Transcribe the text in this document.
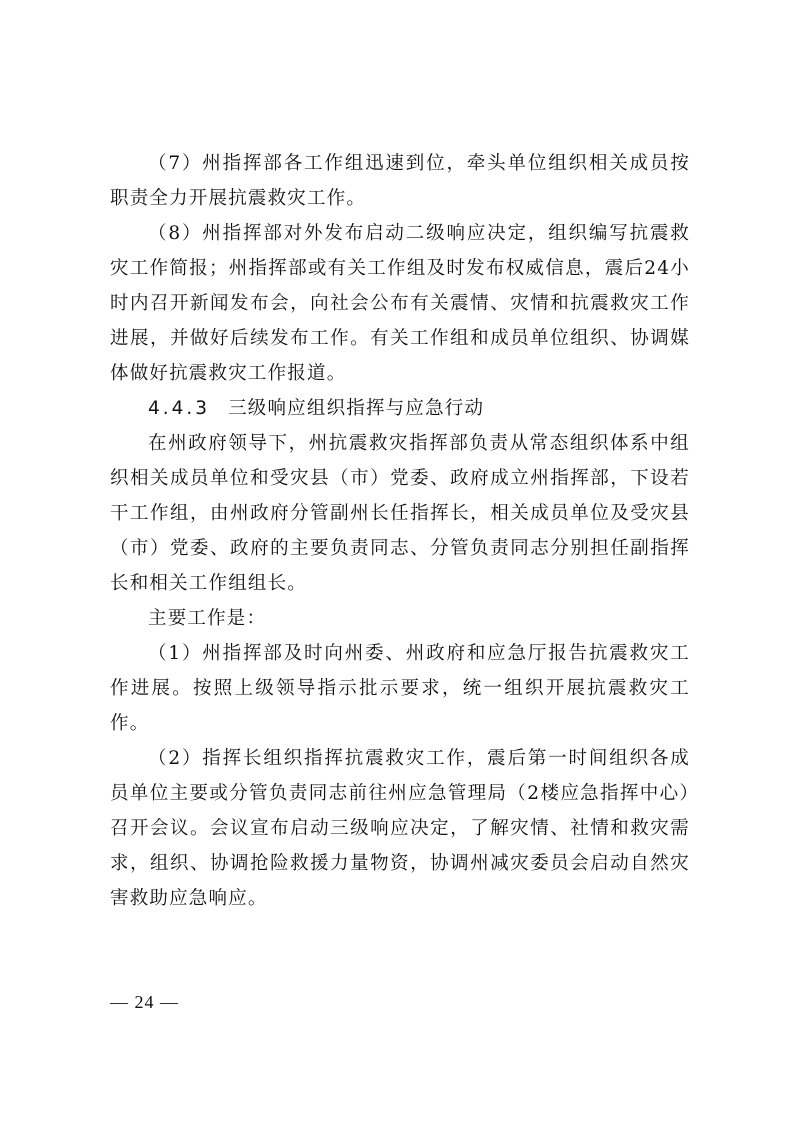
（7）州指挥部各工作组迅速到位，牵头单位组织相关成员按职责全力开展抗震救灾工作。

（8）州指挥部对外发布启动二级响应决定，组织编写抗震救灾工作简报；州指挥部或有关工作组及时发布权威信息，震后24小时内召开新闻发布会，向社会公布有关震情、灾情和抗震救灾工作进展，并做好后续发布工作。有关工作组和成员单位组织、协调媒体做好抗震救灾工作报道。

4.4.3 三级响应组织指挥与应急行动

在州政府领导下，州抗震救灾指挥部负责从常态组织体系中组织相关成员单位和受灾县（市）党委、政府成立州指挥部，下设若干工作组，由州政府分管副州长任指挥长，相关成员单位及受灾县（市）党委、政府的主要负责同志、分管负责同志分别担任副指挥长和相关工作组组长。

主要工作是：

（1）州指挥部及时向州委、州政府和应急厅报告抗震救灾工作进展。按照上级领导指示批示要求，统一组织开展抗震救灾工作。

（2）指挥长组织指挥抗震救灾工作，震后第一时间组织各成员单位主要或分管负责同志前往州应急管理局（2楼应急指挥中心）召开会议。会议宣布启动三级响应决定，了解灾情、社情和救灾需求，组织、协调抢险救援力量物资，协调州减灾委员会启动自然灾害救助应急响应。

— 24 —
